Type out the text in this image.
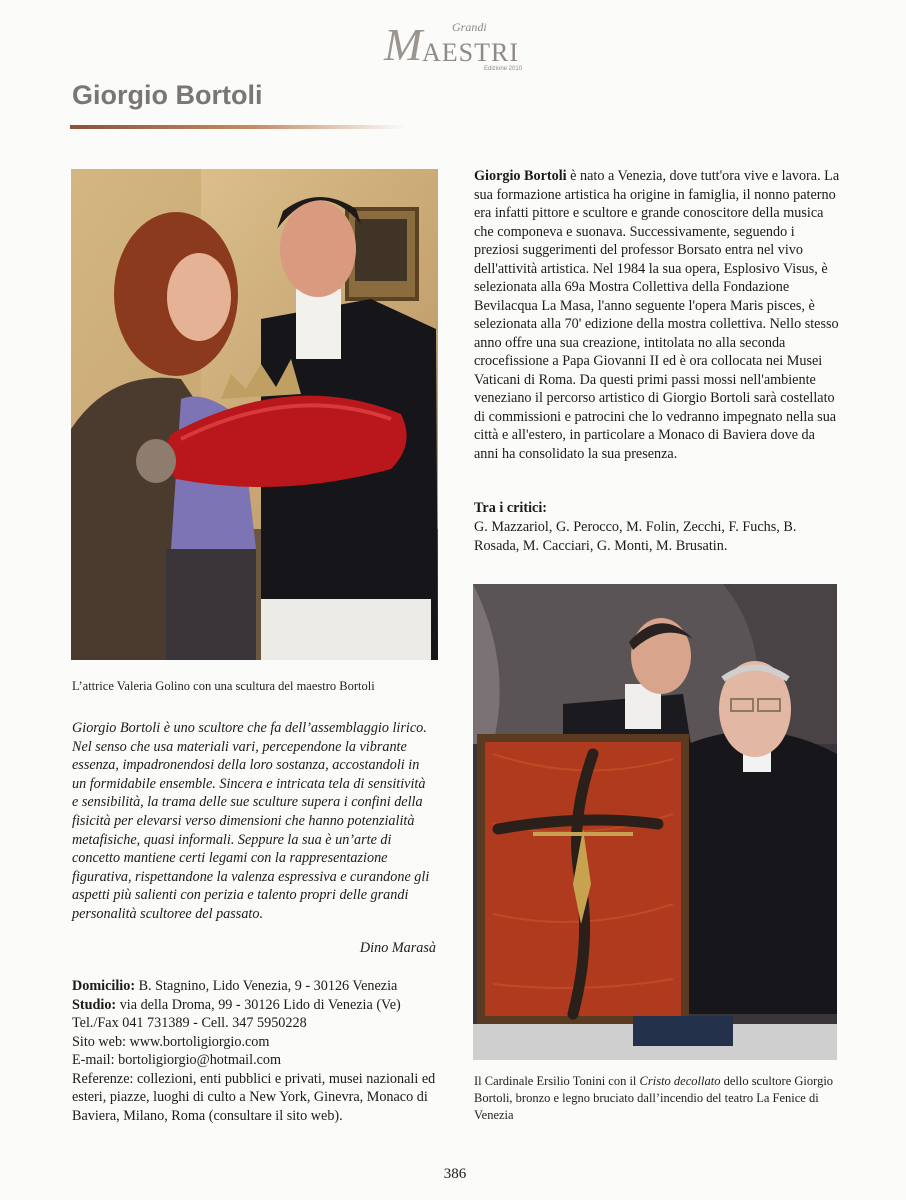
Grandi
M AESTRI
Edizione 2010
Giorgio Bortoli
L’attrice Valeria Golino con una scultura del maestro Bortoli
Giorgio Bortoli è nato a Venezia, dove tutt'ora vive e lavora. La sua formazione artistica ha origine in famiglia, il nonno paterno era infatti pittore e scultore e grande conoscitore della musica che componeva e suonava. Successivamente, seguendo i preziosi suggerimenti del professor Borsato entra nel vivo dell'attività artistica. Nel 1984 la sua opera, Esplosivo Visus, è selezionata alla 69a Mostra Collettiva della Fondazione Bevilacqua La Masa, l'anno seguente l'opera Maris pisces, è selezionata alla 70' edizione della mostra collettiva. Nello stesso anno offre una sua creazione, intitolata no alla seconda crocefissione a Papa Giovanni II ed è ora collocata nei Musei Vaticani di Roma. Da questi primi passi mossi nell'ambiente veneziano il percorso artistico di Giorgio Bortoli sarà costellato di commissioni e patrocini che lo vedranno impegnato nella sua città e all'estero, in particolare a Monaco di Baviera dove da anni ha consolidato la sua presenza.
Tra i critici:
G. Mazzariol, G. Perocco, M. Folin, Zecchi, F. Fuchs, B. Rosada, M. Cacciari, G. Monti, M. Brusatin.
Giorgio Bortoli è uno scultore che fa dell’assemblaggio lirico. Nel senso che usa materiali vari, percependone la vibrante essenza, impadronendosi della loro sostanza, accostandoli in un formidabile ensemble. Sincera e intricata tela di sensitività e sensibilità, la trama delle sue sculture supera i confini della fisicità per elevarsi verso dimensioni che hanno potenzialità metafisiche, quasi informali. Seppure la sua è un’arte di concetto mantiene certi legami con la rappresentazione figurativa, rispettandone la valenza espressiva e curandone gli aspetti più salienti con perizia e talento propri delle grandi personalità scultoree del passato.
Dino Marasà
Domicilio: B. Stagnino, Lido Venezia, 9 - 30126 Venezia
Studio: via della Droma, 99 - 30126 Lido di Venezia (Ve)
Tel./Fax 041 731389 - Cell. 347 5950228
Sito web: www.bortoligiorgio.com
E-mail: bortoligiorgio@hotmail.com
Referenze: collezioni, enti pubblici e privati, musei nazionali ed esteri, piazze, luoghi di culto a New York, Ginevra, Monaco di Baviera, Milano, Roma (consultare il sito web).
Il Cardinale Ersilio Tonini con il Cristo decollato dello scultore Giorgio Bortoli, bronzo e legno bruciato dall’incendio del teatro La Fenice di Venezia
386
